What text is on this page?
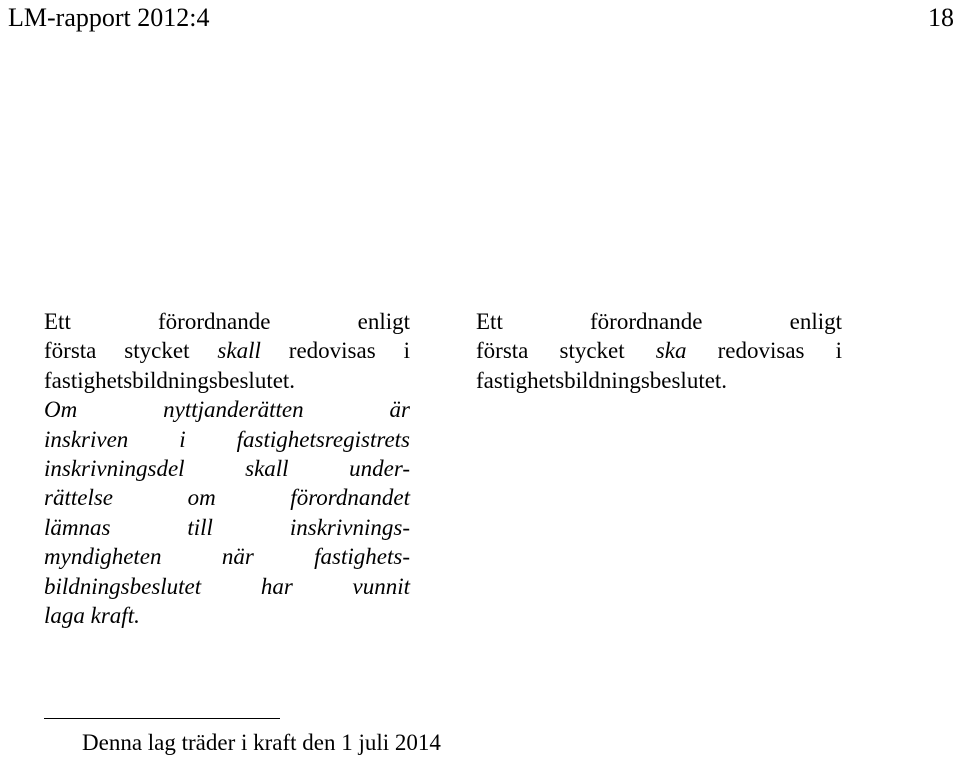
LM-rapport 2012:4	18
Ett förordnande enligt
första stycket skall redovisas i
fastighetsbildningsbeslutet.
Om nyttjanderätten är
inskriven i fastighetsregistrets
inskrivningsdel skall under-
rättelse om förordnandet
lämnas till inskrivnings-
myndigheten när fastighets-
bildningsbeslutet har vunnit
laga kraft.
Ett förordnande enligt
första stycket ska redovisas i
fastighetsbildningsbeslutet.
Denna lag träder i kraft den 1 juli 2014
